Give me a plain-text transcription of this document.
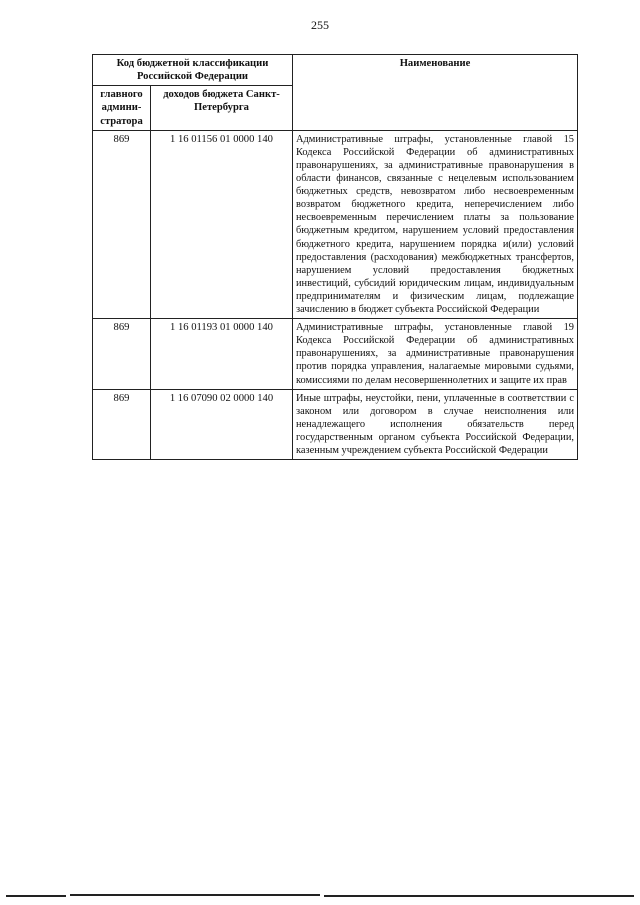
255
Код бюджетной классификации Российской Федерации		Наименование
главного админи-стратора	доходов бюджета Санкт-Петербурга	
869	1 16 01156 01 0000 140	Административные штрафы, установленные главой 15 Кодекса Российской Федерации об административных правонарушениях, за административные правонарушения в области финансов, связанные с нецелевым использованием бюджетных средств, невозвратом либо несвоевременным возвратом бюджетного кредита, неперечислением либо несвоевременным перечислением платы за пользование бюджетным кредитом, нарушением условий предоставления бюджетного кредита, нарушением порядка и(или) условий предоставления (расходования) межбюджетных трансфертов, нарушением условий предоставления бюджетных инвестиций, субсидий юридическим лицам, индивидуальным предпринимателям и физическим лицам, подлежащие зачислению в бюджет субъекта Российской Федерации
869	1 16 01193 01 0000 140	Административные штрафы, установленные главой 19 Кодекса Российской Федерации об административных правонарушениях, за административные правонарушения против порядка управления, налагаемые мировыми судьями, комиссиями по делам несовершеннолетних и защите их прав
869	1 16 07090 02 0000 140	Иные штрафы, неустойки, пени, уплаченные в соответствии с законом или договором в случае неисполнения или ненадлежащего исполнения обязательств перед государственным органом субъекта Российской Федерации, казенным учреждением субъекта Российской Федерации
